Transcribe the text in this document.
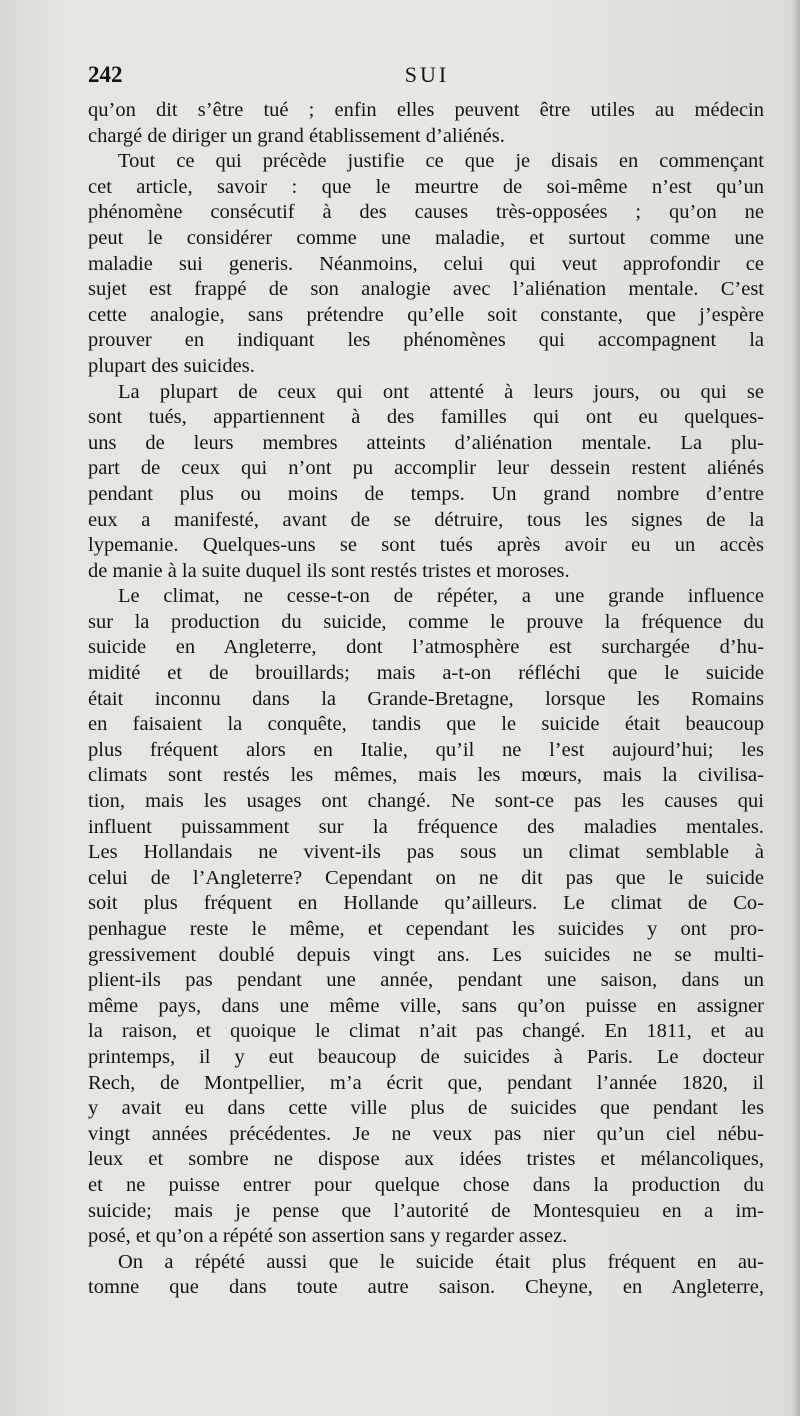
242	SUI
qu’on dit s’être tué ; enfin elles peuvent être utiles au médecin
chargé de diriger un grand établissement d’aliénés.
Tout ce qui précède justifie ce que je disais en commençant
cet article, savoir : que le meurtre de soi-même n’est qu’un
phénomène consécutif à des causes très-opposées ; qu’on ne
peut le considérer comme une maladie, et surtout comme une
maladie sui generis. Néanmoins, celui qui veut approfondir ce
sujet est frappé de son analogie avec l’aliénation mentale. C’est
cette analogie, sans prétendre qu’elle soit constante, que j’espère
prouver en indiquant les phénomènes qui accompagnent la
plupart des suicides.
La plupart de ceux qui ont attenté à leurs jours, ou qui se
sont tués, appartiennent à des familles qui ont eu quelques-
uns de leurs membres atteints d’aliénation mentale. La plu-
part de ceux qui n’ont pu accomplir leur dessein restent aliénés
pendant plus ou moins de temps. Un grand nombre d’entre
eux a manifesté, avant de se détruire, tous les signes de la
lypemanie. Quelques-uns se sont tués après avoir eu un accès
de manie à la suite duquel ils sont restés tristes et moroses.
Le climat, ne cesse-t-on de répéter, a une grande influence
sur la production du suicide, comme le prouve la fréquence du
suicide en Angleterre, dont l’atmosphère est surchargée d’hu-
midité et de brouillards; mais a-t-on réfléchi que le suicide
était inconnu dans la Grande-Bretagne, lorsque les Romains
en faisaient la conquête, tandis que le suicide était beaucoup
plus fréquent alors en Italie, qu’il ne l’est aujourd’hui; les
climats sont restés les mêmes, mais les mœurs, mais la civilisa-
tion, mais les usages ont changé. Ne sont-ce pas les causes qui
influent puissamment sur la fréquence des maladies mentales.
Les Hollandais ne vivent-ils pas sous un climat semblable à
celui de l’Angleterre? Cependant on ne dit pas que le suicide
soit plus fréquent en Hollande qu’ailleurs. Le climat de Co-
penhague reste le même, et cependant les suicides y ont pro-
gressivement doublé depuis vingt ans. Les suicides ne se multi-
plient-ils pas pendant une année, pendant une saison, dans un
même pays, dans une même ville, sans qu’on puisse en assigner
la raison, et quoique le climat n’ait pas changé. En 1811, et au
printemps, il y eut beaucoup de suicides à Paris. Le docteur
Rech, de Montpellier, m’a écrit que, pendant l’année 1820, il
y avait eu dans cette ville plus de suicides que pendant les
vingt années précédentes. Je ne veux pas nier qu’un ciel nébu-
leux et sombre ne dispose aux idées tristes et mélancoliques,
et ne puisse entrer pour quelque chose dans la production du
suicide; mais je pense que l’autorité de Montesquieu en a im-
posé, et qu’on a répété son assertion sans y regarder assez.
On a répété aussi que le suicide était plus fréquent en au-
tomne que dans toute autre saison. Cheyne, en Angleterre,
